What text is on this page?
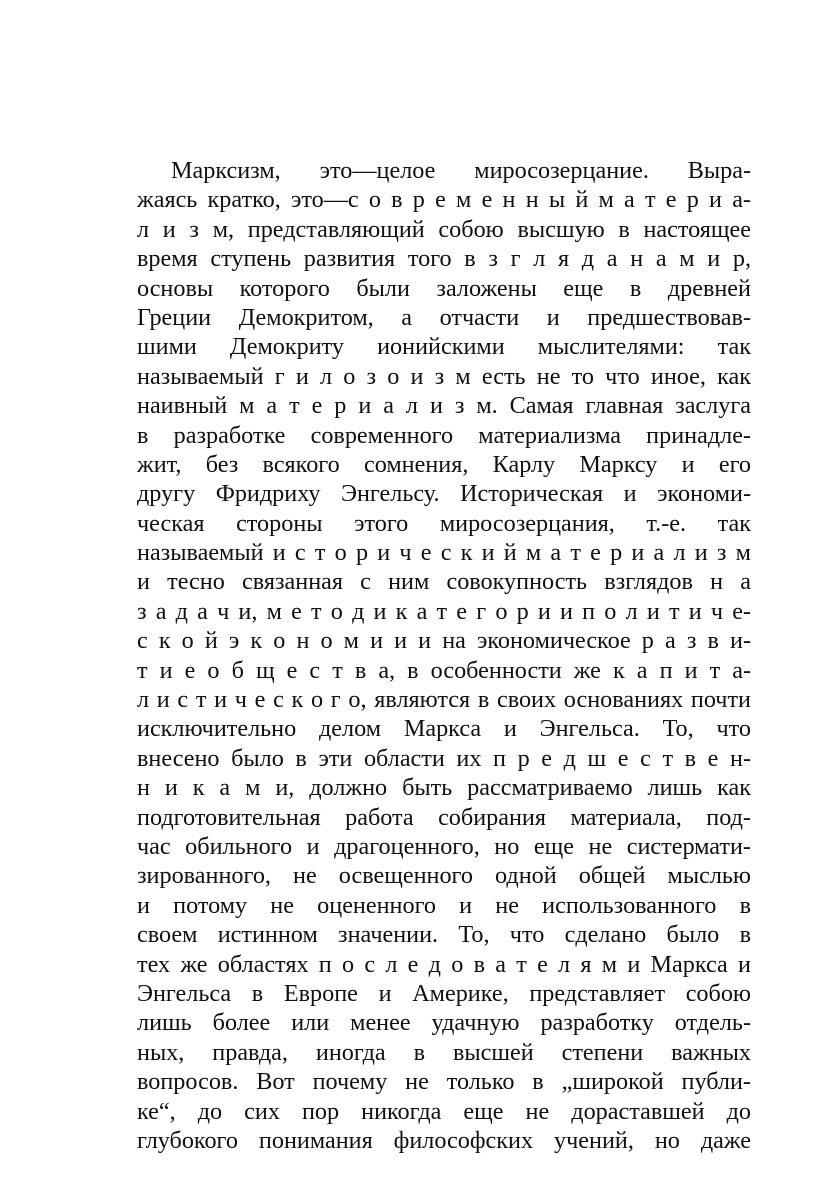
Марксизм, это—целое миросозерцание. Выра-
жаясь кратко, это—с о в р е м е н н ы й м а т е р и а-
л и з м, представляющий собою высшую в настоящее
время ступень развития того в з г л я д а н а м и р,
основы которого были заложены еще в древней
Греции Демокритом, а отчасти и предшествовав-
шими Демокриту ионийскими мыслителями: так
называемый г и л о з о и з м есть не то что иное, как
наивный м а т е р и а л и з м. Самая главная заслуга
в разработке современного материализма принадле-
жит, без всякого сомнения, Карлу Марксу и его
другу Фридриху Энгельсу. Историческая и экономи-
ческая стороны этого миросозерцания, т.-е. так
называемый и с т о р и ч е с к и й м а т е р и а л и з м
и тесно связанная с ним совокупность взглядов н а
з а д а ч и, м е т о д и к а т е г о р и и п о л и т и ч е-
с к о й э к о н о м и и и на экономическое р а з в и-
т и е о б щ е с т в а, в особенности же к а п и т а-
л и с т и ч е с к о г о, являются в своих основаниях почти
исключительно делом Маркса и Энгельса. То, что
внесено было в эти области их п р е д ш е с т в е н-
н и к а м и, должно быть рассматриваемо лишь как
подготовительная работа собирания материала, под-
час обильного и драгоценного, но еще не систермати-
зированного, не освещенного одной общей мыслью
и потому не оцененного и не использованного в
своем истинном значении. То, что сделано было в
тех же областях п о с л е д о в а т е л я м и Маркса и
Энгельса в Европе и Америке, представляет собою
лишь более или менее удачную разработку отдель-
ных, правда, иногда в высшей степени важных
вопросов. Вот почему не только в „широкой публи-
ке“, до сих пор никогда еще не дораставшей до
глубокого понимания философских учений, но даже
